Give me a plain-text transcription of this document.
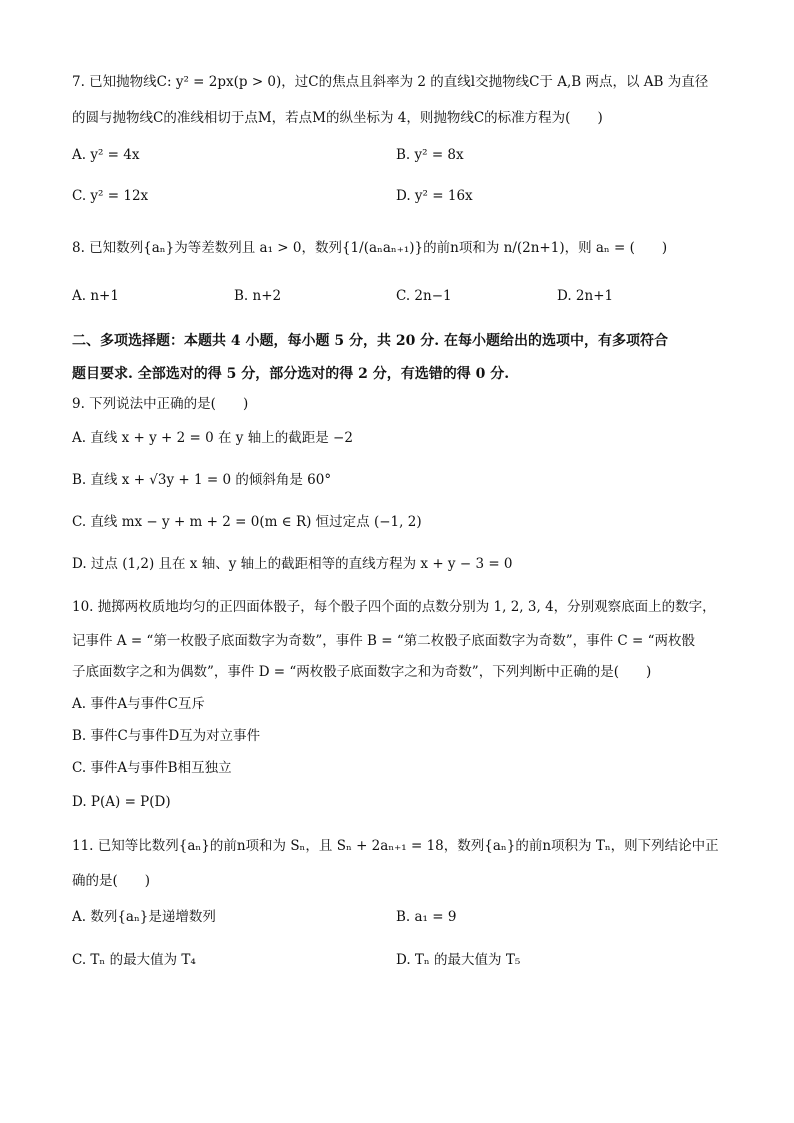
7. 已知抛物线C: y² = 2px(p > 0)，过C的焦点且斜率为 2 的直线l交抛物线C于 A,B 两点，以 AB 为直径
的圆与抛物线C的准线相切于点M，若点M的纵坐标为 4，则抛物线C的标准方程为(　　)
A. y² = 4x	B. y² = 8x
C. y² = 12x	D. y² = 16x
8. 已知数列{aₙ}为等差数列且 a₁ > 0，数列{1/(aₙaₙ₊₁)}的前n项和为 n/(2n+1)，则 aₙ = (　　)
A. n+1	B. n+2	C. 2n−1	D. 2n+1
二、多项选择题：本题共 4 小题，每小题 5 分，共 20 分. 在每小题给出的选项中，有多项符合
题目要求. 全部选对的得 5 分，部分选对的得 2 分，有选错的得 0 分.
9. 下列说法中正确的是(　　)
A. 直线 x + y + 2 = 0 在 y 轴上的截距是 −2
B. 直线 x + √3y + 1 = 0 的倾斜角是 60°
C. 直线 mx − y + m + 2 = 0(m ∈ R) 恒过定点 (−1, 2)
D. 过点 (1,2) 且在 x 轴、y 轴上的截距相等的直线方程为 x + y − 3 = 0
10. 抛掷两枚质地均匀的正四面体骰子，每个骰子四个面的点数分别为 1, 2, 3, 4，分别观察底面上的数字，
记事件 A = “第一枚骰子底面数字为奇数”，事件 B = “第二枚骰子底面数字为奇数”，事件 C = “两枚骰
子底面数字之和为偶数”，事件 D = “两枚骰子底面数字之和为奇数”，下列判断中正确的是(　　)
A. 事件A与事件C互斥
B. 事件C与事件D互为对立事件
C. 事件A与事件B相互独立
D. P(A) = P(D)
11. 已知等比数列{aₙ}的前n项和为 Sₙ，且 Sₙ + 2aₙ₊₁ = 18，数列{aₙ}的前n项积为 Tₙ，则下列结论中正
确的是(　　)
A. 数列{aₙ}是递增数列	B. a₁ = 9
C. Tₙ 的最大值为 T₄	D. Tₙ 的最大值为 T₅
